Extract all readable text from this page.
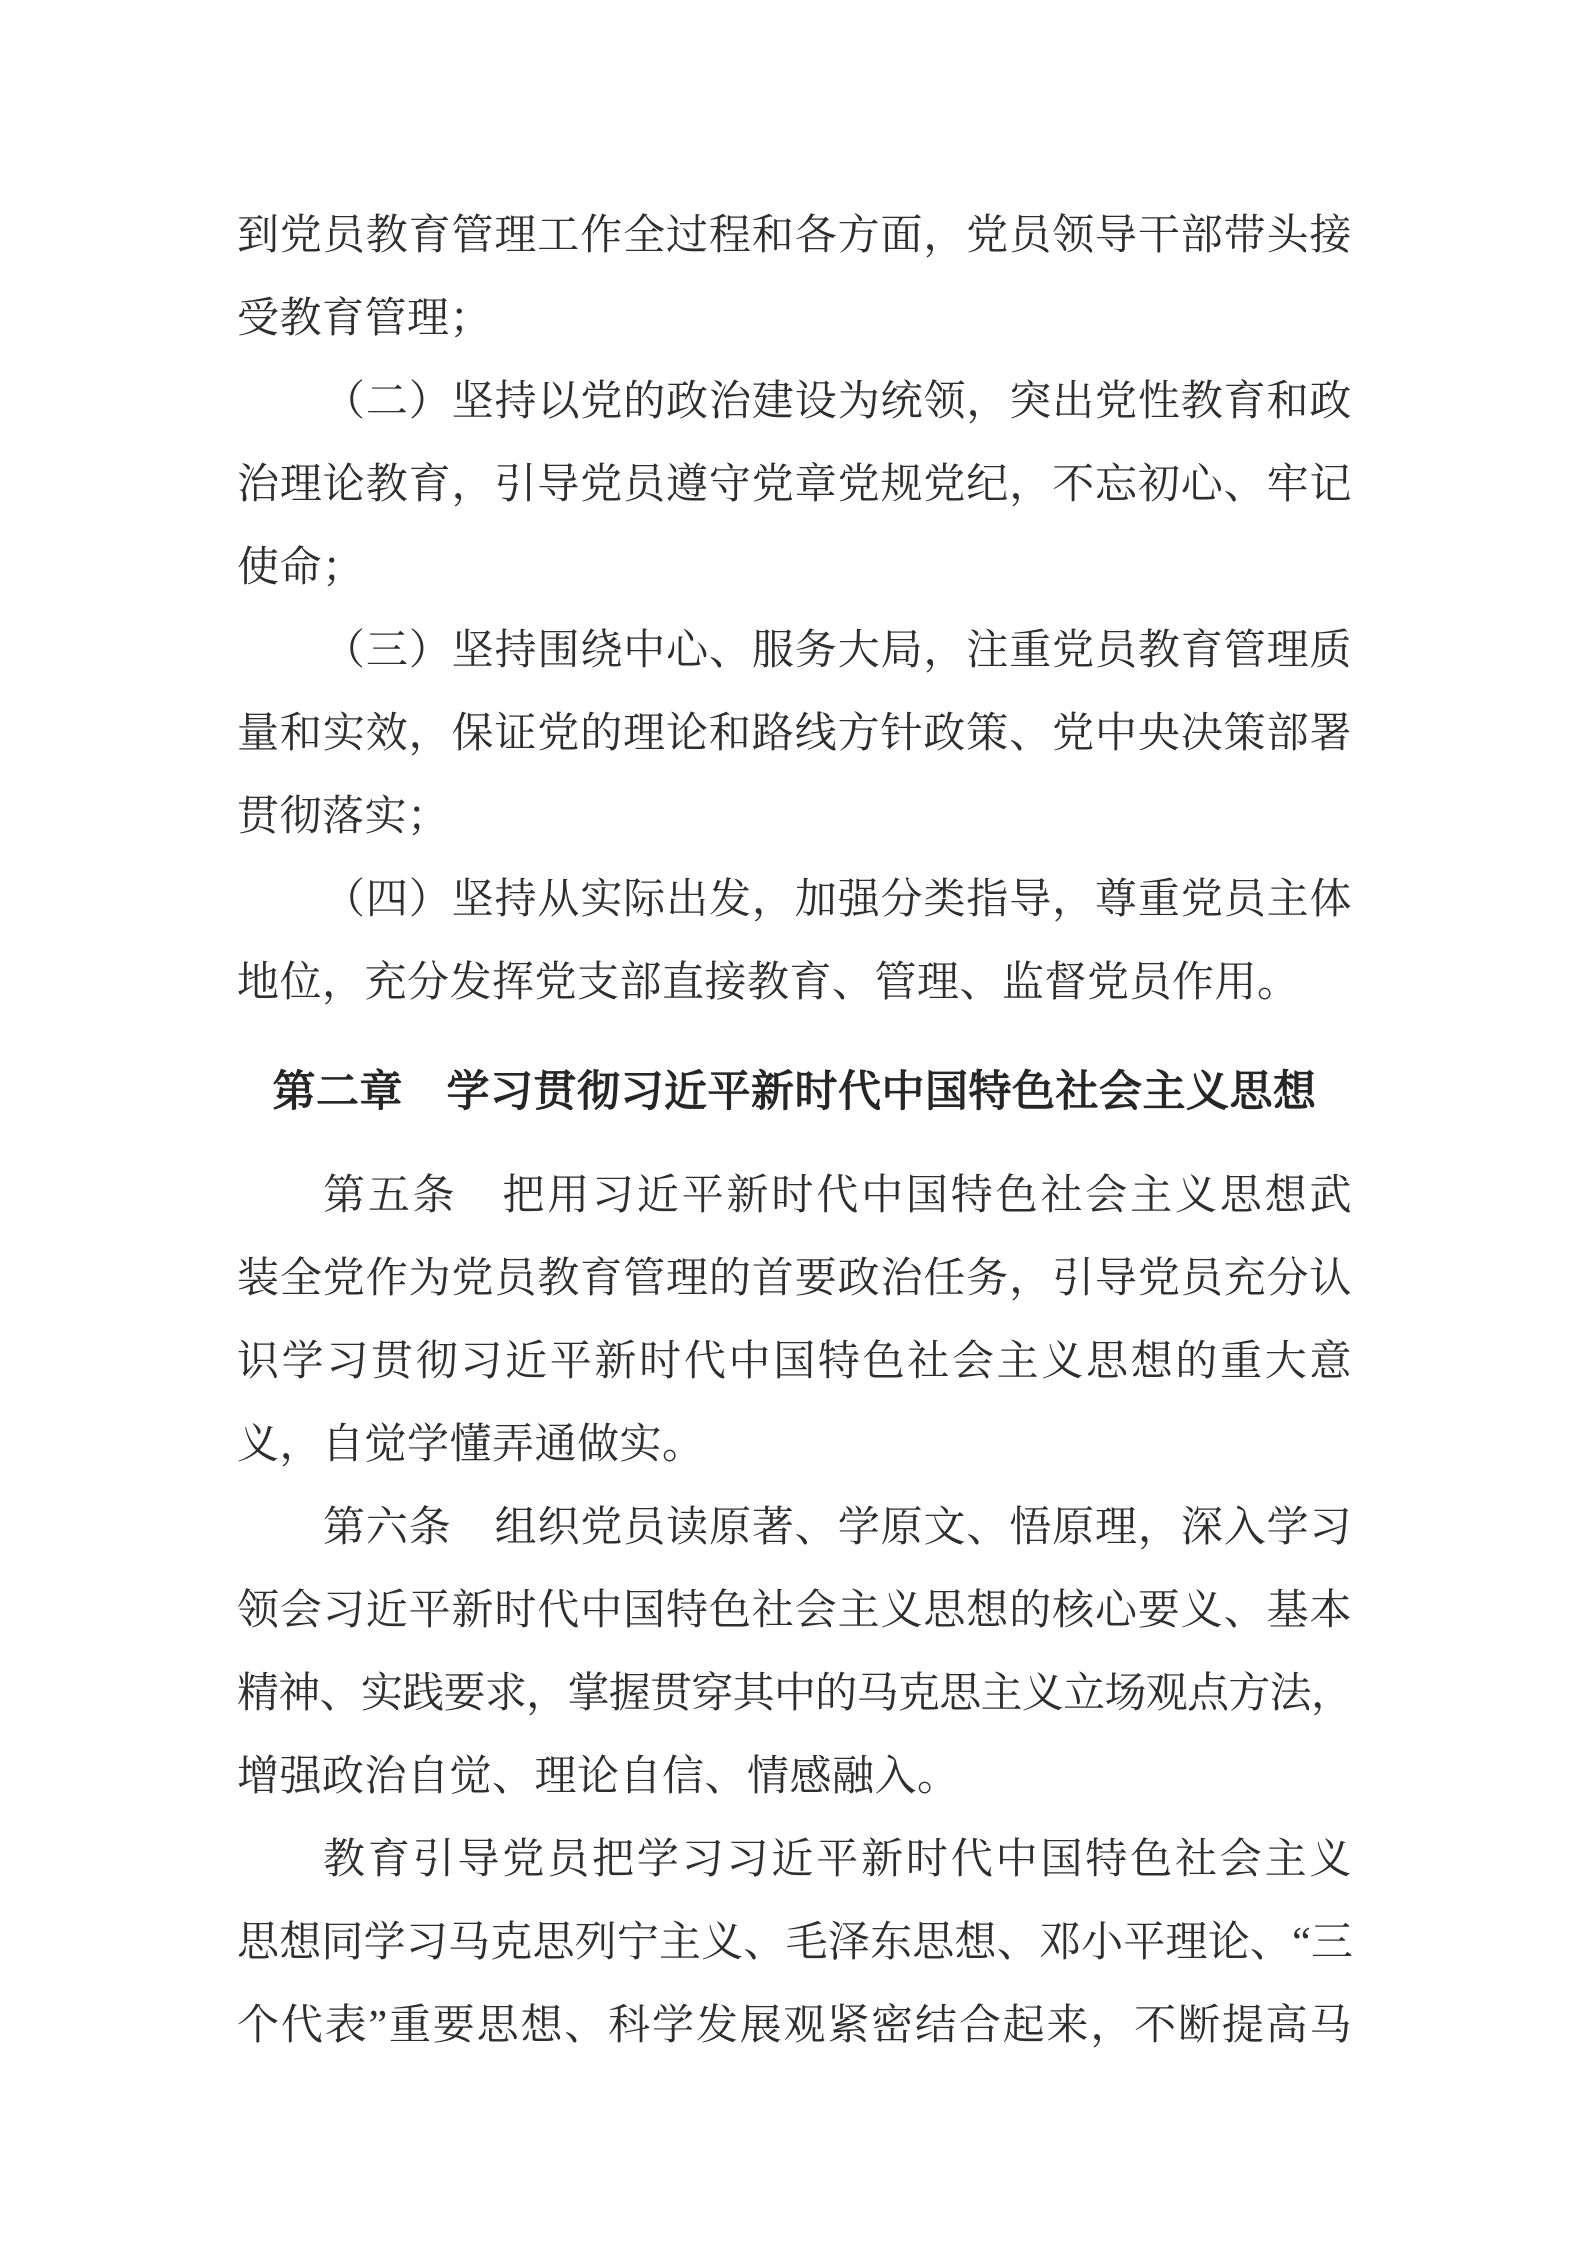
到党员教育管理工作全过程和各方面，党员领导干部带头接
受教育管理；
（二）坚持以党的政治建设为统领，突出党性教育和政
治理论教育，引导党员遵守党章党规党纪，不忘初心、牢记
使命；
（三）坚持围绕中心、服务大局，注重党员教育管理质
量和实效，保证党的理论和路线方针政策、党中央决策部署
贯彻落实；
（四）坚持从实际出发，加强分类指导，尊重党员主体
地位，充分发挥党支部直接教育、管理、监督党员作用。
第二章　学习贯彻习近平新时代中国特色社会主义思想
第五条　把用习近平新时代中国特色社会主义思想武
装全党作为党员教育管理的首要政治任务，引导党员充分认
识学习贯彻习近平新时代中国特色社会主义思想的重大意
义，自觉学懂弄通做实。
第六条　组织党员读原著、学原文、悟原理，深入学习
领会习近平新时代中国特色社会主义思想的核心要义、基本
精神、实践要求，掌握贯穿其中的马克思主义立场观点方法，
增强政治自觉、理论自信、情感融入。
教育引导党员把学习习近平新时代中国特色社会主义
思想同学习马克思列宁主义、毛泽东思想、邓小平理论、“三
个代表”重要思想、科学发展观紧密结合起来，不断提高马
